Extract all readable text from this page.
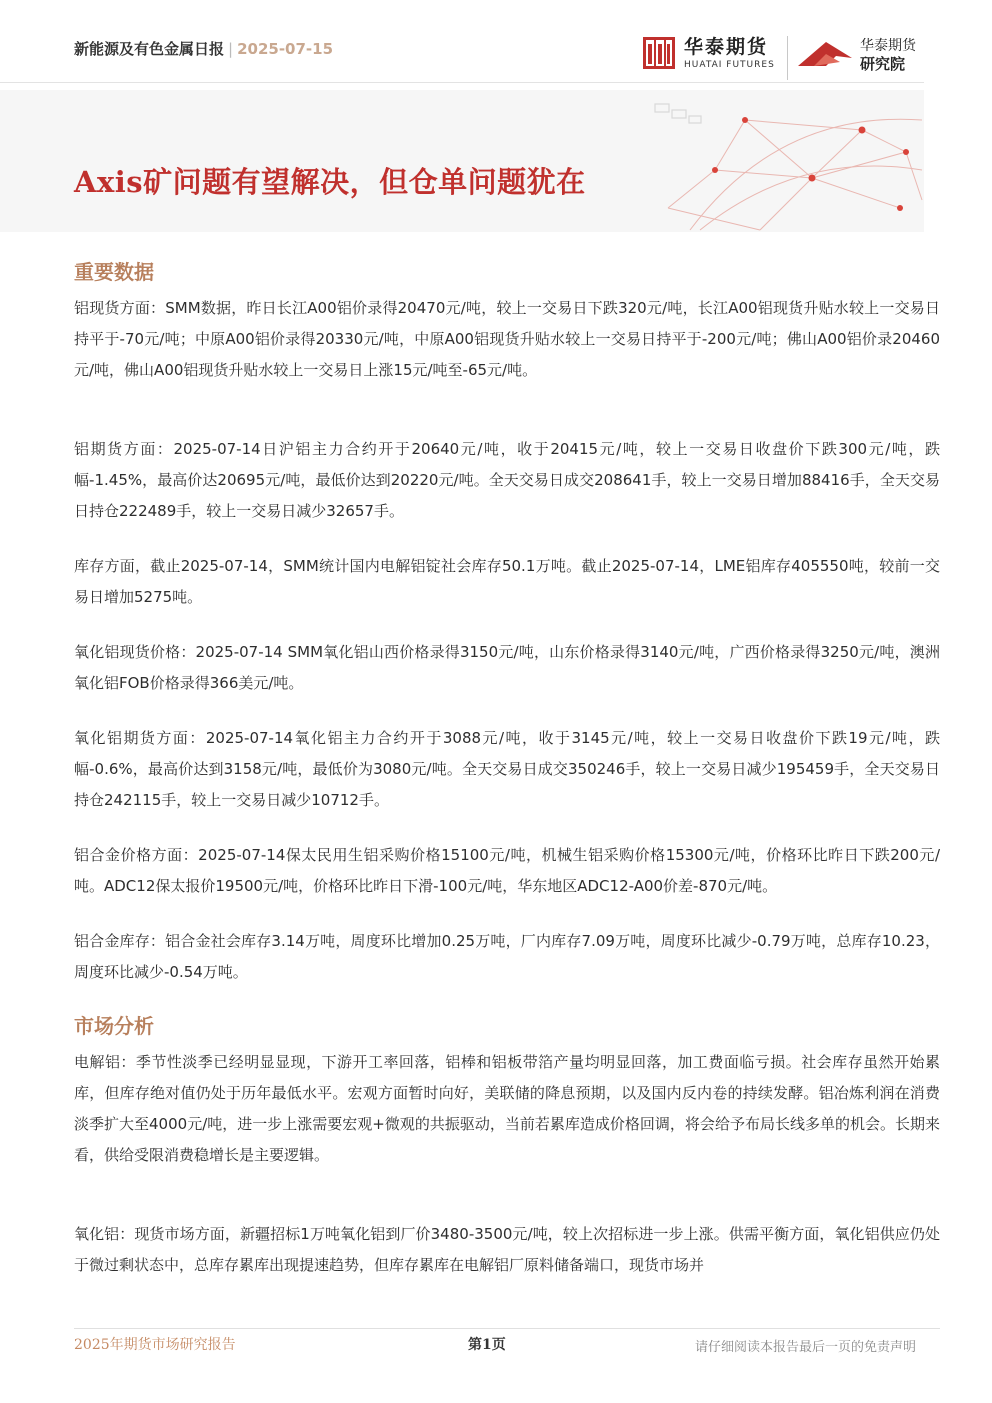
新能源及有色金属日报 | 2025-07-15	华泰期货
HUATAI FUTURES
华泰期货
研究院
Axis矿问题有望解决，但仓单问题犹在
重要数据

铝现货方面：SMM数据，昨日长江A00铝价录得20470元/吨，较上一交易日下跌320元/吨，长江A00铝现货升贴水较上一交易日持平于-70元/吨；中原A00铝价录得20330元/吨，中原A00铝现货升贴水较上一交易日持平于-200元/吨；佛山A00铝价录20460元/吨，佛山A00铝现货升贴水较上一交易日上涨15元/吨至-65元/吨。

铝期货方面：2025-07-14日沪铝主力合约开于20640元/吨，收于20415元/吨，较上一交易日收盘价下跌300元/吨，跌幅-1.45%，最高价达20695元/吨，最低价达到20220元/吨。全天交易日成交208641手，较上一交易日增加88416手，全天交易日持仓222489手，较上一交易日减少32657手。

库存方面，截止2025-07-14，SMM统计国内电解铝锭社会库存50.1万吨。截止2025-07-14，LME铝库存405550吨，较前一交易日增加5275吨。

氧化铝现货价格：2025-07-14 SMM氧化铝山西价格录得3150元/吨，山东价格录得3140元/吨，广西价格录得3250元/吨，澳洲氧化铝FOB价格录得366美元/吨。

氧化铝期货方面：2025-07-14氧化铝主力合约开于3088元/吨，收于3145元/吨，较上一交易日收盘价下跌19元/吨，跌幅-0.6%，最高价达到3158元/吨，最低价为3080元/吨。全天交易日成交350246手，较上一交易日减少195459手，全天交易日持仓242115手，较上一交易日减少10712手。

铝合金价格方面：2025-07-14保太民用生铝采购价格15100元/吨，机械生铝采购价格15300元/吨，价格环比昨日下跌200元/吨。ADC12保太报价19500元/吨，价格环比昨日下滑-100元/吨，华东地区ADC12-A00价差-870元/吨。

铝合金库存：铝合金社会库存3.14万吨，周度环比增加0.25万吨，厂内库存7.09万吨，周度环比减少-0.79万吨，总库存10.23，周度环比减少-0.54万吨。

市场分析

电解铝：季节性淡季已经明显显现，下游开工率回落，铝棒和铝板带箔产量均明显回落，加工费面临亏损。社会库存虽然开始累库，但库存绝对值仍处于历年最低水平。宏观方面暂时向好，美联储的降息预期，以及国内反内卷的持续发酵。铝冶炼利润在消费淡季扩大至4000元/吨，进一步上涨需要宏观+微观的共振驱动，当前若累库造成价格回调，将会给予布局长线多单的机会。长期来看，供给受限消费稳增长是主要逻辑。

氧化铝：现货市场方面，新疆招标1万吨氧化铝到厂价3480-3500元/吨，较上次招标进一步上涨。供需平衡方面，氧化铝供应仍处于微过剩状态中，总库存累库出现提速趋势，但库存累库在电解铝厂原料储备端口，现货市场并

2025年期货市场研究报告	第1页	请仔细阅读本报告最后一页的免责声明
